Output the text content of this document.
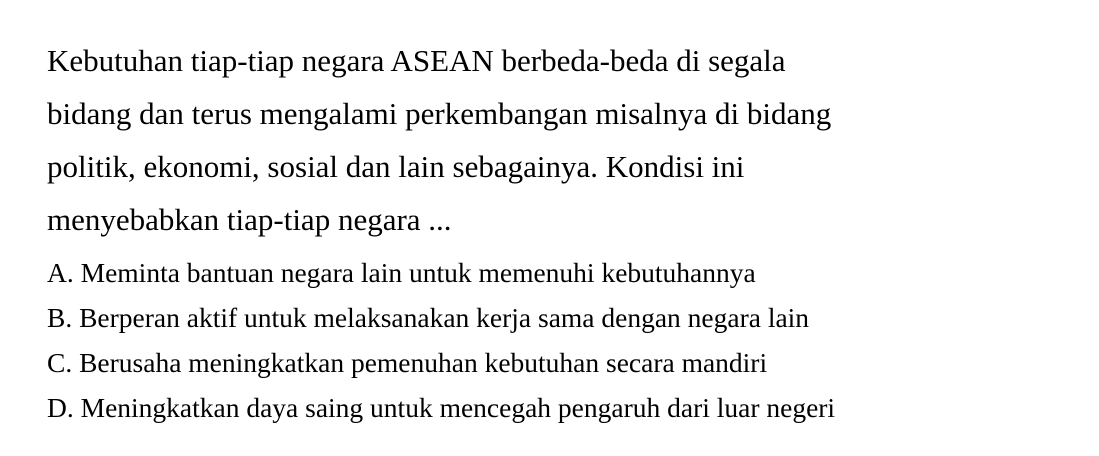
Kebutuhan tiap-tiap negara ASEAN berbeda-beda di segala
bidang dan terus mengalami perkembangan misalnya di bidang
politik, ekonomi, sosial dan lain sebagainya. Kondisi ini
menyebabkan tiap-tiap negara ...

A. Meminta bantuan negara lain untuk memenuhi kebutuhannya
B. Berperan aktif untuk melaksanakan kerja sama dengan negara lain
C. Berusaha meningkatkan pemenuhan kebutuhan secara mandiri
D. Meningkatkan daya saing untuk mencegah pengaruh dari luar negeri
